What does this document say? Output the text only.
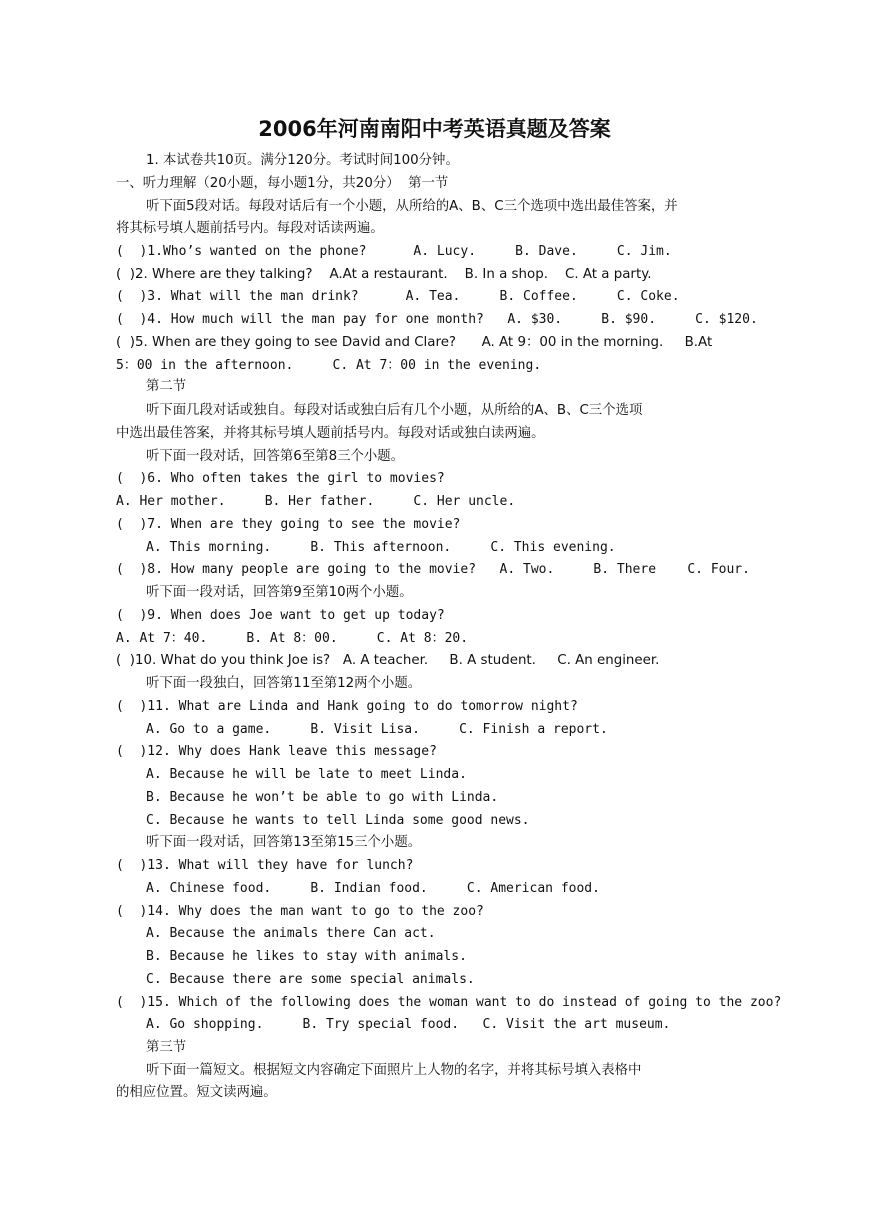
2006年河南南阳中考英语真题及答案
1. 本试卷共10页。满分120分。考试时间100分钟。
一、听力理解（20小题，每小题1分，共20分）  第一节
听下面5段对话。每段对话后有一个小题，从所给的A、B、C三个选项中选出最佳答案，并
将其标号填人题前括号内。每段对话读两遍。
(  )1.Who’s wanted on the phone?      A. Lucy.     B. Dave.     C. Jim.
(  )2. Where are they talking?    A.At a restaurant.    B. In a shop.    C. At a party.
(  )3. What will the man drink?      A. Tea.     B. Coffee.     C. Coke.
(  )4. How much will the man pay for one month?   A. $30.     B. $90.     C. $120.
(  )5. When are they going to see David and Clare?      A. At 9：00 in the morning.     B.At
5：00 in the afternoon.     C. At 7：00 in the evening.
第二节
听下面几段对话或独自。每段对话或独白后有几个小题，从所给的A、B、C三个选项
中选出最佳答案，并将其标号填人题前括号内。每段对话或独白读两遍。
听下面一段对话，回答第6至第8三个小题。
(  )6. Who often takes the girl to movies?
A. Her mother.     B. Her father.     C. Her uncle.
(  )7. When are they going to see the movie?
A. This morning.     B. This afternoon.     C. This evening.
(  )8. How many people are going to the movie?   A. Two.     B. There    C. Four.
听下面一段对话，回答第9至第10两个小题。
(  )9. When does Joe want to get up today?
A. At 7：40.     B. At 8：00.     C. At 8：20.
(  )10. What do you think Joe is?   A. A teacher.     B. A student.     C. An engineer.
听下面一段独白，回答第11至第12两个小题。
(  )11. What are Linda and Hank going to do tomorrow night?
A. Go to a game.     B. Visit Lisa.     C. Finish a report.
(  )12. Why does Hank leave this message?
A. Because he will be late to meet Linda.
B. Because he won’t be able to go with Linda.
C. Because he wants to tell Linda some good news.
听下面一段对话，回答第13至第15三个小题。
(  )13. What will they have for lunch?
A. Chinese food.     B. Indian food.     C. American food.
(  )14. Why does the man want to go to the zoo?
A. Because the animals there Can act.
B. Because he likes to stay with animals.
C. Because there are some special animals.
(  )15. Which of the following does the woman want to do instead of going to the zoo?
A. Go shopping.     B. Try special food.   C. Visit the art museum.
第三节
听下面一篇短文。根据短文内容确定下面照片上人物的名字，并将其标号填入表格中
的相应位置。短文读两遍。
